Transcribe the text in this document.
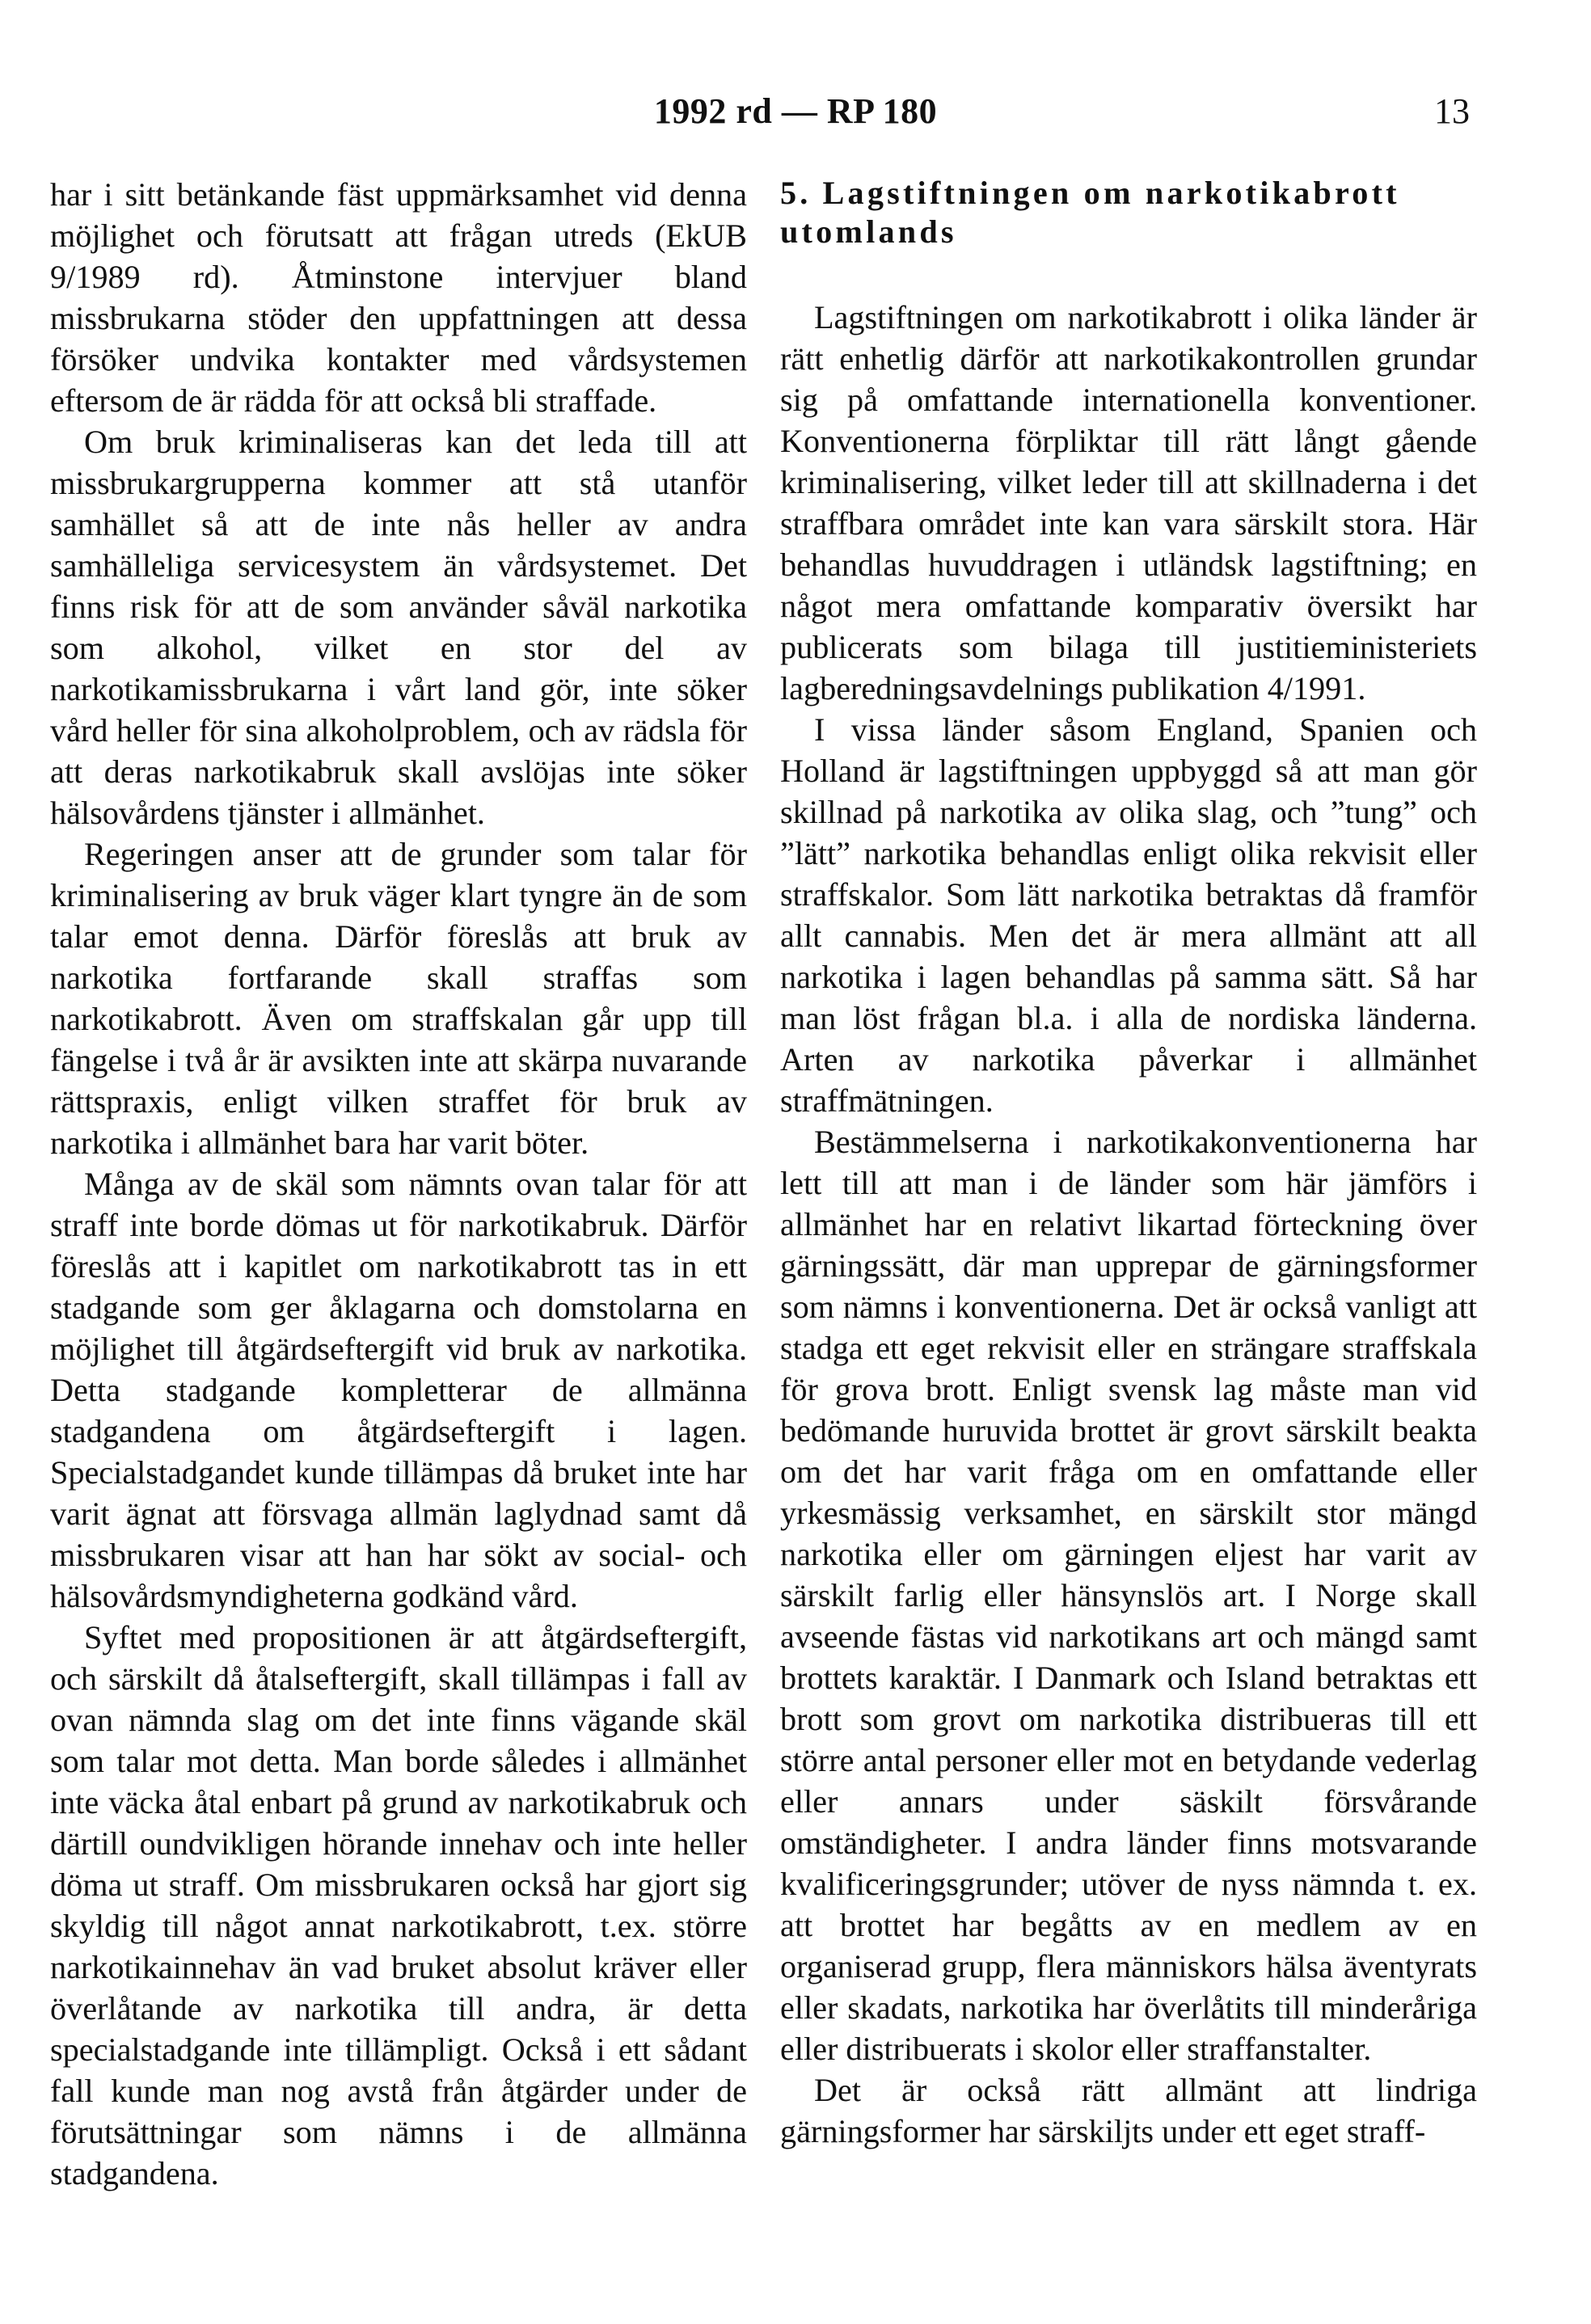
1992 rd — RP 180	13

har i sitt betänkande fäst uppmärksamhet vid denna möjlighet och förutsatt att frågan utreds (EkUB 9/1989 rd). Åtminstone intervjuer bland missbrukarna stöder den uppfattningen att dessa försöker undvika kontakter med vårdsystemen eftersom de är rädda för att också bli straffade.

Om bruk kriminaliseras kan det leda till att missbrukargrupperna kommer att stå utanför samhället så att de inte nås heller av andra samhälleliga servicesystem än vårdsystemet. Det finns risk för att de som använder såväl narkotika som alkohol, vilket en stor del av narkotikamissbrukarna i vårt land gör, inte söker vård heller för sina alkoholproblem, och av rädsla för att deras narkotikabruk skall avslöjas inte söker hälsovårdens tjänster i allmänhet.

Regeringen anser att de grunder som talar för kriminalisering av bruk väger klart tyngre än de som talar emot denna. Därför föreslås att bruk av narkotika fortfarande skall straffas som narkotikabrott. Även om straffskalan går upp till fängelse i två år är avsikten inte att skärpa nuvarande rättspraxis, enligt vilken straffet för bruk av narkotika i allmänhet bara har varit böter.

Många av de skäl som nämnts ovan talar för att straff inte borde dömas ut för narkotikabruk. Därför föreslås att i kapitlet om narkotikabrott tas in ett stadgande som ger åklagarna och domstolarna en möjlighet till åtgärdseftergift vid bruk av narkotika. Detta stadgande kompletterar de allmänna stadgandena om åtgärdseftergift i lagen. Specialstadgandet kunde tillämpas då bruket inte har varit ägnat att försvaga allmän laglydnad samt då missbrukaren visar att han har sökt av social- och hälsovårdsmyndigheterna godkänd vård.

Syftet med propositionen är att åtgärdseftergift, och särskilt då åtalseftergift, skall tillämpas i fall av ovan nämnda slag om det inte finns vägande skäl som talar mot detta. Man borde således i allmänhet inte väcka åtal enbart på grund av narkotikabruk och därtill oundvikligen hörande innehav och inte heller döma ut straff. Om missbrukaren också har gjort sig skyldig till något annat narkotikabrott, t.ex. större narkotikainnehav än vad bruket absolut kräver eller överlåtande av narkotika till andra, är detta specialstadgande inte tillämpligt. Också i ett sådant fall kunde man nog avstå från åtgärder under de förutsättningar som nämns i de allmänna stadgandena.

5. Lagstiftningen om narkotikabrott utomlands

Lagstiftningen om narkotikabrott i olika länder är rätt enhetlig därför att narkotikakontrollen grundar sig på omfattande internationella konventioner. Konventionerna förpliktar till rätt långt gående kriminalisering, vilket leder till att skillnaderna i det straffbara området inte kan vara särskilt stora. Här behandlas huvuddragen i utländsk lagstiftning; en något mera omfattande komparativ översikt har publicerats som bilaga till justitieministeriets lagberedningsavdelnings publikation 4/1991.

I vissa länder såsom England, Spanien och Holland är lagstiftningen uppbyggd så att man gör skillnad på narkotika av olika slag, och ”tung” och ”lätt” narkotika behandlas enligt olika rekvisit eller straffskalor. Som lätt narkotika betraktas då framför allt cannabis. Men det är mera allmänt att all narkotika i lagen behandlas på samma sätt. Så har man löst frågan bl.a. i alla de nordiska länderna. Arten av narkotika påverkar i allmänhet straffmätningen.

Bestämmelserna i narkotikakonventionerna har lett till att man i de länder som här jämförs i allmänhet har en relativt likartad förteckning över gärningssätt, där man upprepar de gärningsformer som nämns i konventionerna. Det är också vanligt att stadga ett eget rekvisit eller en strängare straffskala för grova brott. Enligt svensk lag måste man vid bedömande huruvida brottet är grovt särskilt beakta om det har varit fråga om en omfattande eller yrkesmässig verksamhet, en särskilt stor mängd narkotika eller om gärningen eljest har varit av särskilt farlig eller hänsynslös art. I Norge skall avseende fästas vid narkotikans art och mängd samt brottets karaktär. I Danmark och Island betraktas ett brott som grovt om narkotika distribueras till ett större antal personer eller mot en betydande vederlag eller annars under säskilt försvårande omständigheter. I andra länder finns motsvarande kvalificeringsgrunder; utöver de nyss nämnda t. ex. att brottet har begåtts av en medlem av en organiserad grupp, flera människors hälsa äventyrats eller skadats, narkotika har överlåtits till minderåriga eller distribuerats i skolor eller straffanstalter.

Det är också rätt allmänt att lindriga gärningsformer har särskiljts under ett eget straff-
